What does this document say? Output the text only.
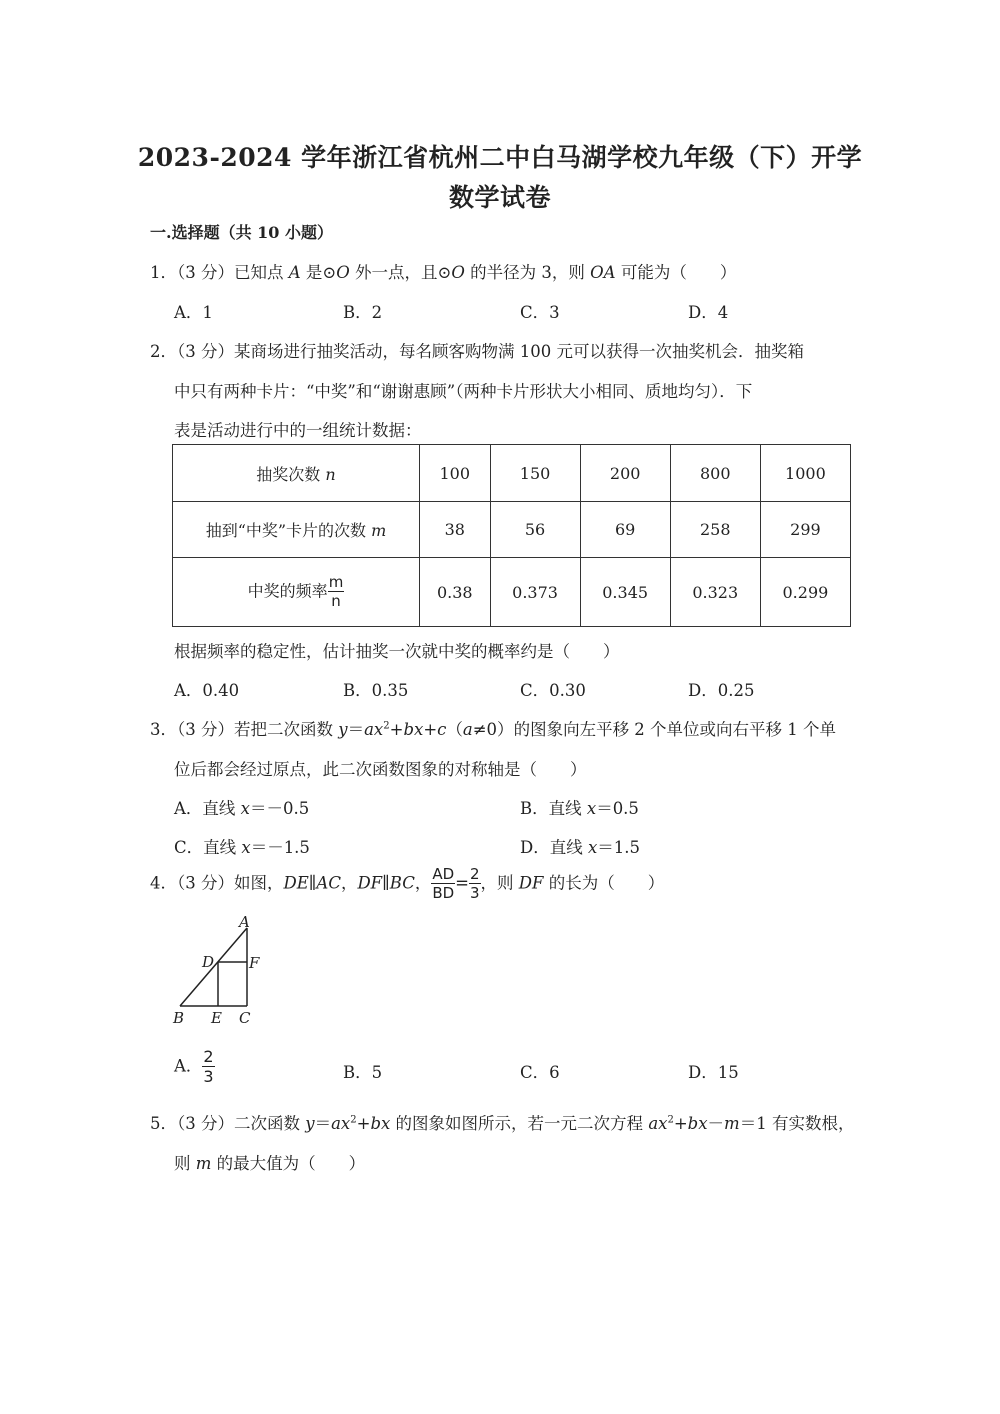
2023-2024 学年浙江省杭州二中白马湖学校九年级（下）开学
数学试卷
一.选择题（共 10 小题）
1．（3 分）已知点 A 是⊙O 外一点，且⊙O 的半径为 3，则 OA 可能为（　　）
A．1	B．2	C．3	D．4
2．（3 分）某商场进行抽奖活动，每名顾客购物满 100 元可以获得一次抽奖机会．抽奖箱
中只有两种卡片：“中奖”和“谢谢惠顾”（两种卡片形状大小相同、质地均匀）．下
表是活动进行中的一组统计数据：
抽奖次数 n	100	150	200	800	1000
抽到“中奖”卡片的次数 m	38	56	69	258	299
中奖的频率 $\frac{m}{n}$	0.38	0.373	0.345	0.323	0.299
根据频率的稳定性，估计抽奖一次就中奖的概率约是（　　）
A．0.40	B．0.35	C．0.30	D．0.25
3．（3 分）若把二次函数 $y=ax^2+bx+c(a\ne 0)$的图象向左平移 2 个单位或向右平移 1 个单
位后都会经过原点，此二次函数图象的对称轴是（　　）
A．直线 x＝－0.5	B．直线 x＝0.5
C．直线 x＝－1.5	D．直线 x＝1.5
4．（3 分）如图，DE∥AC，DF∥BC， $\frac{AD}{BD} = \frac{2}{3}$ ，则 DF 的长为（　　）
A
D F
B E C
A． $\frac{2}{3}$	B．5	C．6	D．15
5．（3 分）二次函数 $y=ax^2+bx$ 的图象如图所示，若一元二次方程 $ax^2+bx-m=1$ 有实数根，
则 m 的最大值为（　　）
